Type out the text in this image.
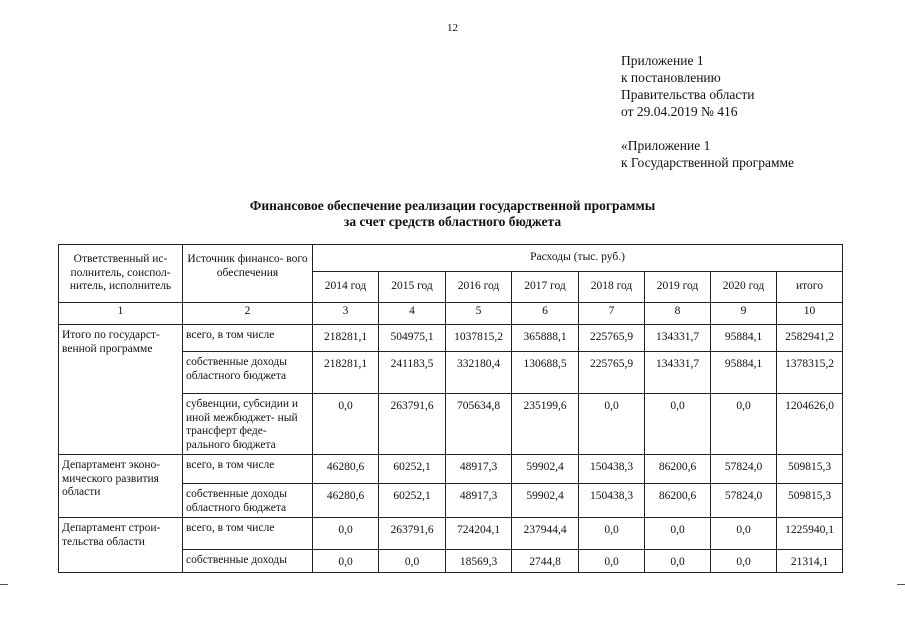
12
Приложение 1
к постановлению
Правительства области
от 29.04.2019 № 416
«Приложение 1
к Государственной программе
Финансовое обеспечение реализации государственной программы
за счет средств областного бюджета
Ответственный ис- полнитель, соиспол- нитель, исполнитель	Источник финансо- вого обеспечения	Расходы (тыс. руб.)							
		2014 год	2015 год	2016 год	2017 год	2018 год	2019 год	2020 год	итого
1	2	3	4	5	6	7	8	9	10
Итого по государст- венной программе	всего, в том числе	218281,1	504975,1	1037815,2	365888,1	225765,9	134331,7	95884,1	2582941,2
	собственные доходы областного бюджета	218281,1	241183,5	332180,4	130688,5	225765,9	134331,7	95884,1	1378315,2
	субвенции, субсидии и иной межбюджет- ный трансферт феде- рального бюджета	0,0	263791,6	705634,8	235199,6	0,0	0,0	0,0	1204626,0
Департамент эконо- мического развития области	всего, в том числе	46280,6	60252,1	48917,3	59902,4	150438,3	86200,6	57824,0	509815,3
	собственные доходы областного бюджета	46280,6	60252,1	48917,3	59902,4	150438,3	86200,6	57824,0	509815,3
Департамент строи- тельства области	всего, в том числе	0,0	263791,6	724204,1	237944,4	0,0	0,0	0,0	1225940,1
	собственные доходы	0,0	0,0	18569,3	2744,8	0,0	0,0	0,0	21314,1
